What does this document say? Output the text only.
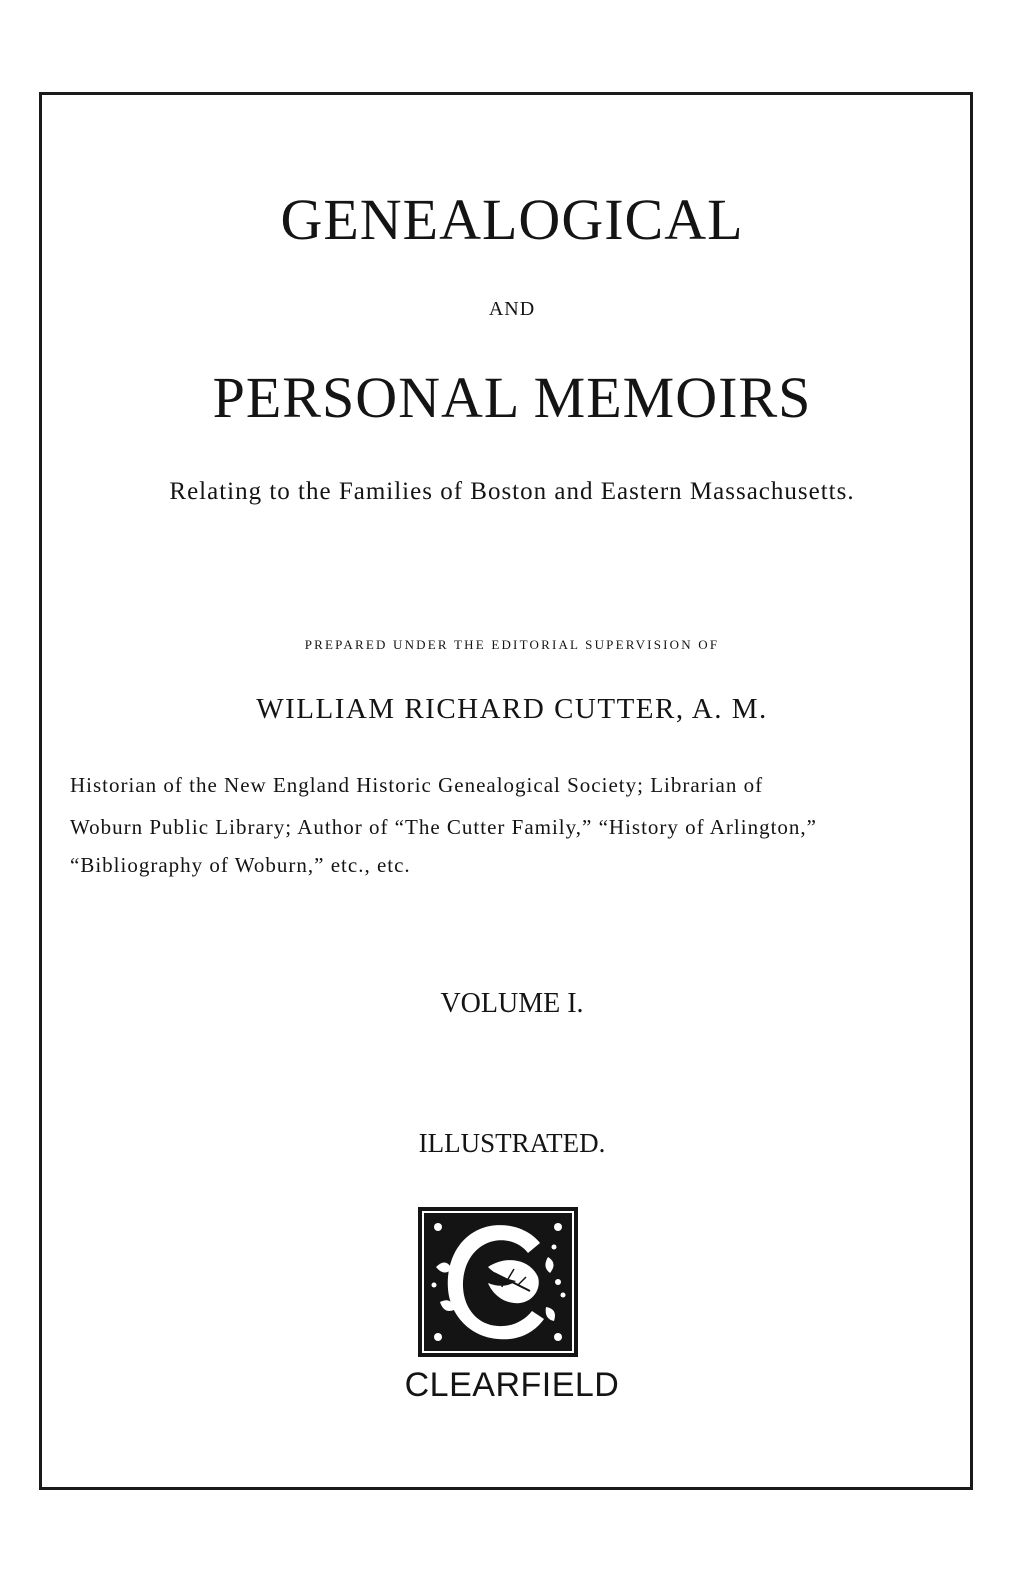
GENEALOGICAL
AND
PERSONAL MEMOIRS
Relating to the Families of Boston and Eastern Massachusetts.
PREPARED UNDER THE EDITORIAL SUPERVISION OF
WILLIAM RICHARD CUTTER, A. M.
Historian of the New England Historic Genealogical Society; Librarian of
Woburn Public Library; Author of “The Cutter Family,” “History of Arlington,”
“Bibliography of Woburn,” etc., etc.
VOLUME I.
ILLUSTRATED.
CLEARFIELD
